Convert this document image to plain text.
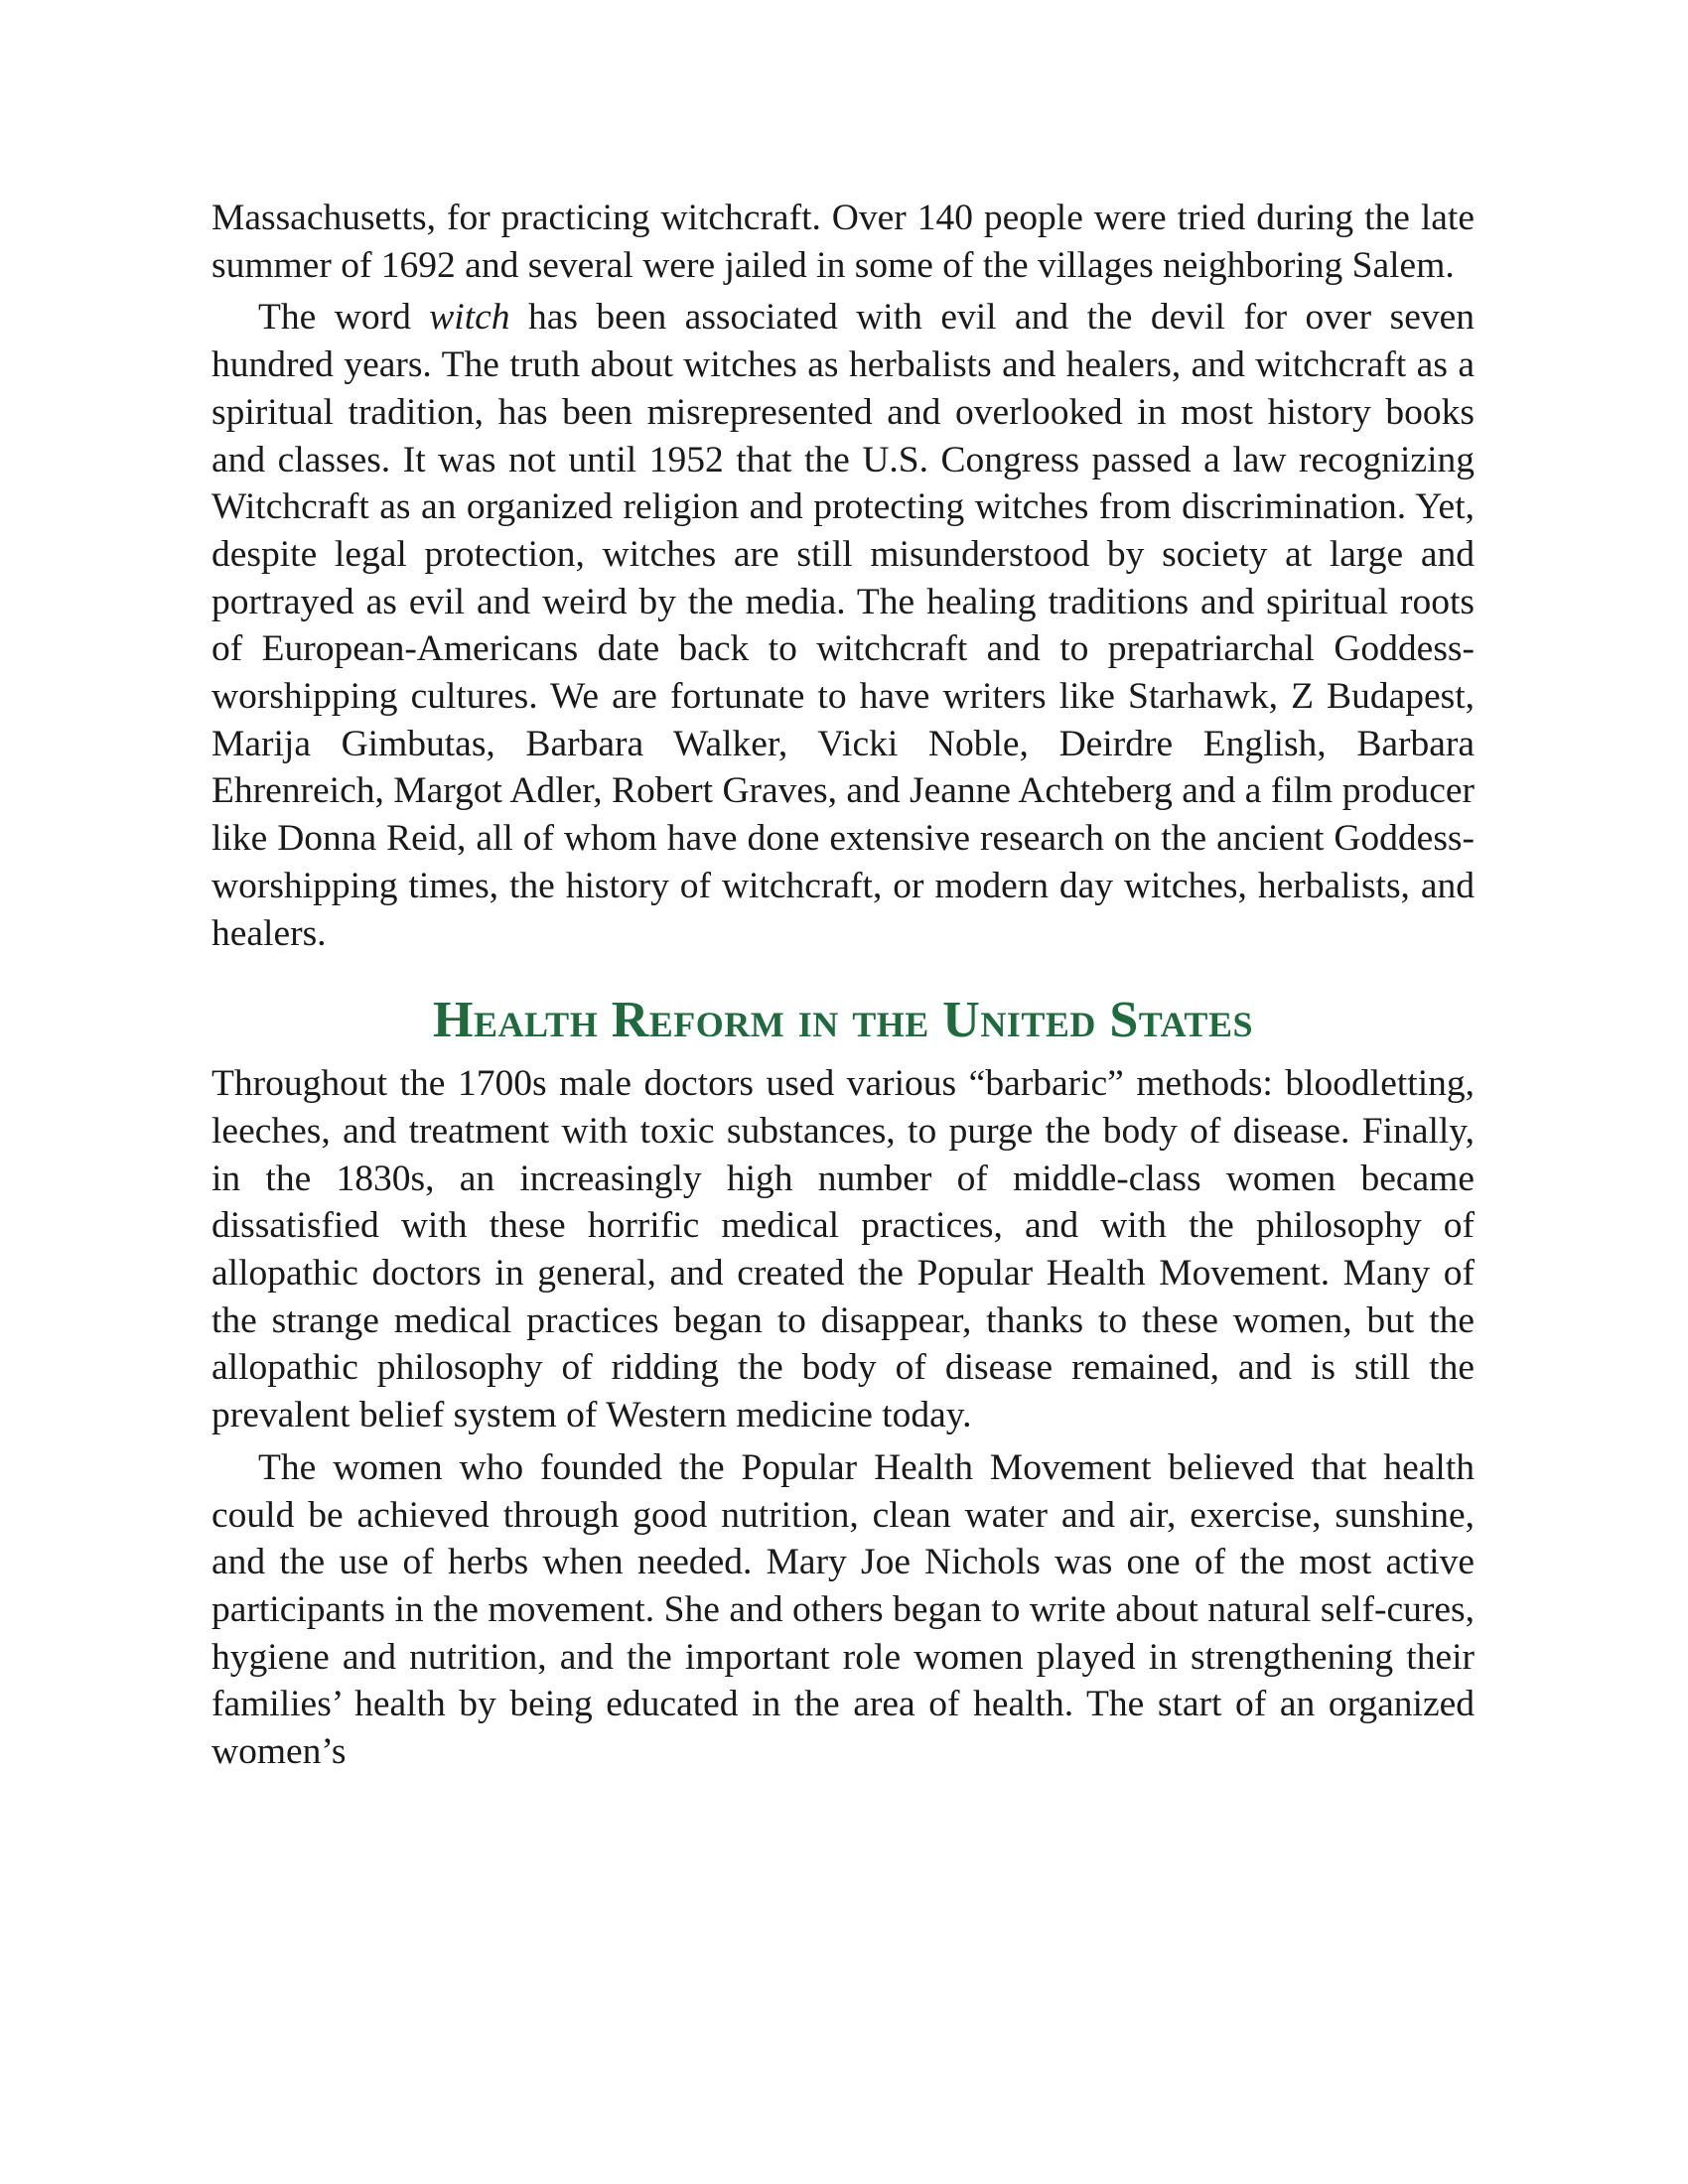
Massachusetts, for practicing witchcraft. Over 140 people were tried during the late summer of 1692 and several were jailed in some of the villages neighboring Salem.

The word witch has been associated with evil and the devil for over seven hundred years. The truth about witches as herbalists and healers, and witchcraft as a spiritual tradition, has been misrepresented and overlooked in most history books and classes. It was not until 1952 that the U.S. Congress passed a law recognizing Witchcraft as an organized religion and protecting witches from discrimination. Yet, despite legal protection, witches are still misunderstood by society at large and portrayed as evil and weird by the media. The healing traditions and spiritual roots of European-Americans date back to witchcraft and to prepatriarchal Goddess-worshipping cultures. We are fortunate to have writers like Starhawk, Z Budapest, Marija Gimbutas, Barbara Walker, Vicki Noble, Deirdre English, Barbara Ehrenreich, Margot Adler, Robert Graves, and Jeanne Achteberg and a film producer like Donna Reid, all of whom have done extensive research on the ancient Goddess-worshipping times, the history of witchcraft, or modern day witches, herbalists, and healers.

Health Reform in the United States

Throughout the 1700s male doctors used various “barbaric” methods: bloodletting, leeches, and treatment with toxic substances, to purge the body of disease. Finally, in the 1830s, an increasingly high number of middle-class women became dissatisfied with these horrific medical practices, and with the philosophy of allopathic doctors in general, and created the Popular Health Movement. Many of the strange medical practices began to disappear, thanks to these women, but the allopathic philosophy of ridding the body of disease remained, and is still the prevalent belief system of Western medicine today.

The women who founded the Popular Health Movement believed that health could be achieved through good nutrition, clean water and air, exercise, sunshine, and the use of herbs when needed. Mary Joe Nichols was one of the most active participants in the movement. She and others began to write about natural self-cures, hygiene and nutrition, and the important role women played in strengthening their families’ health by being educated in the area of health. The start of an organized women’s
